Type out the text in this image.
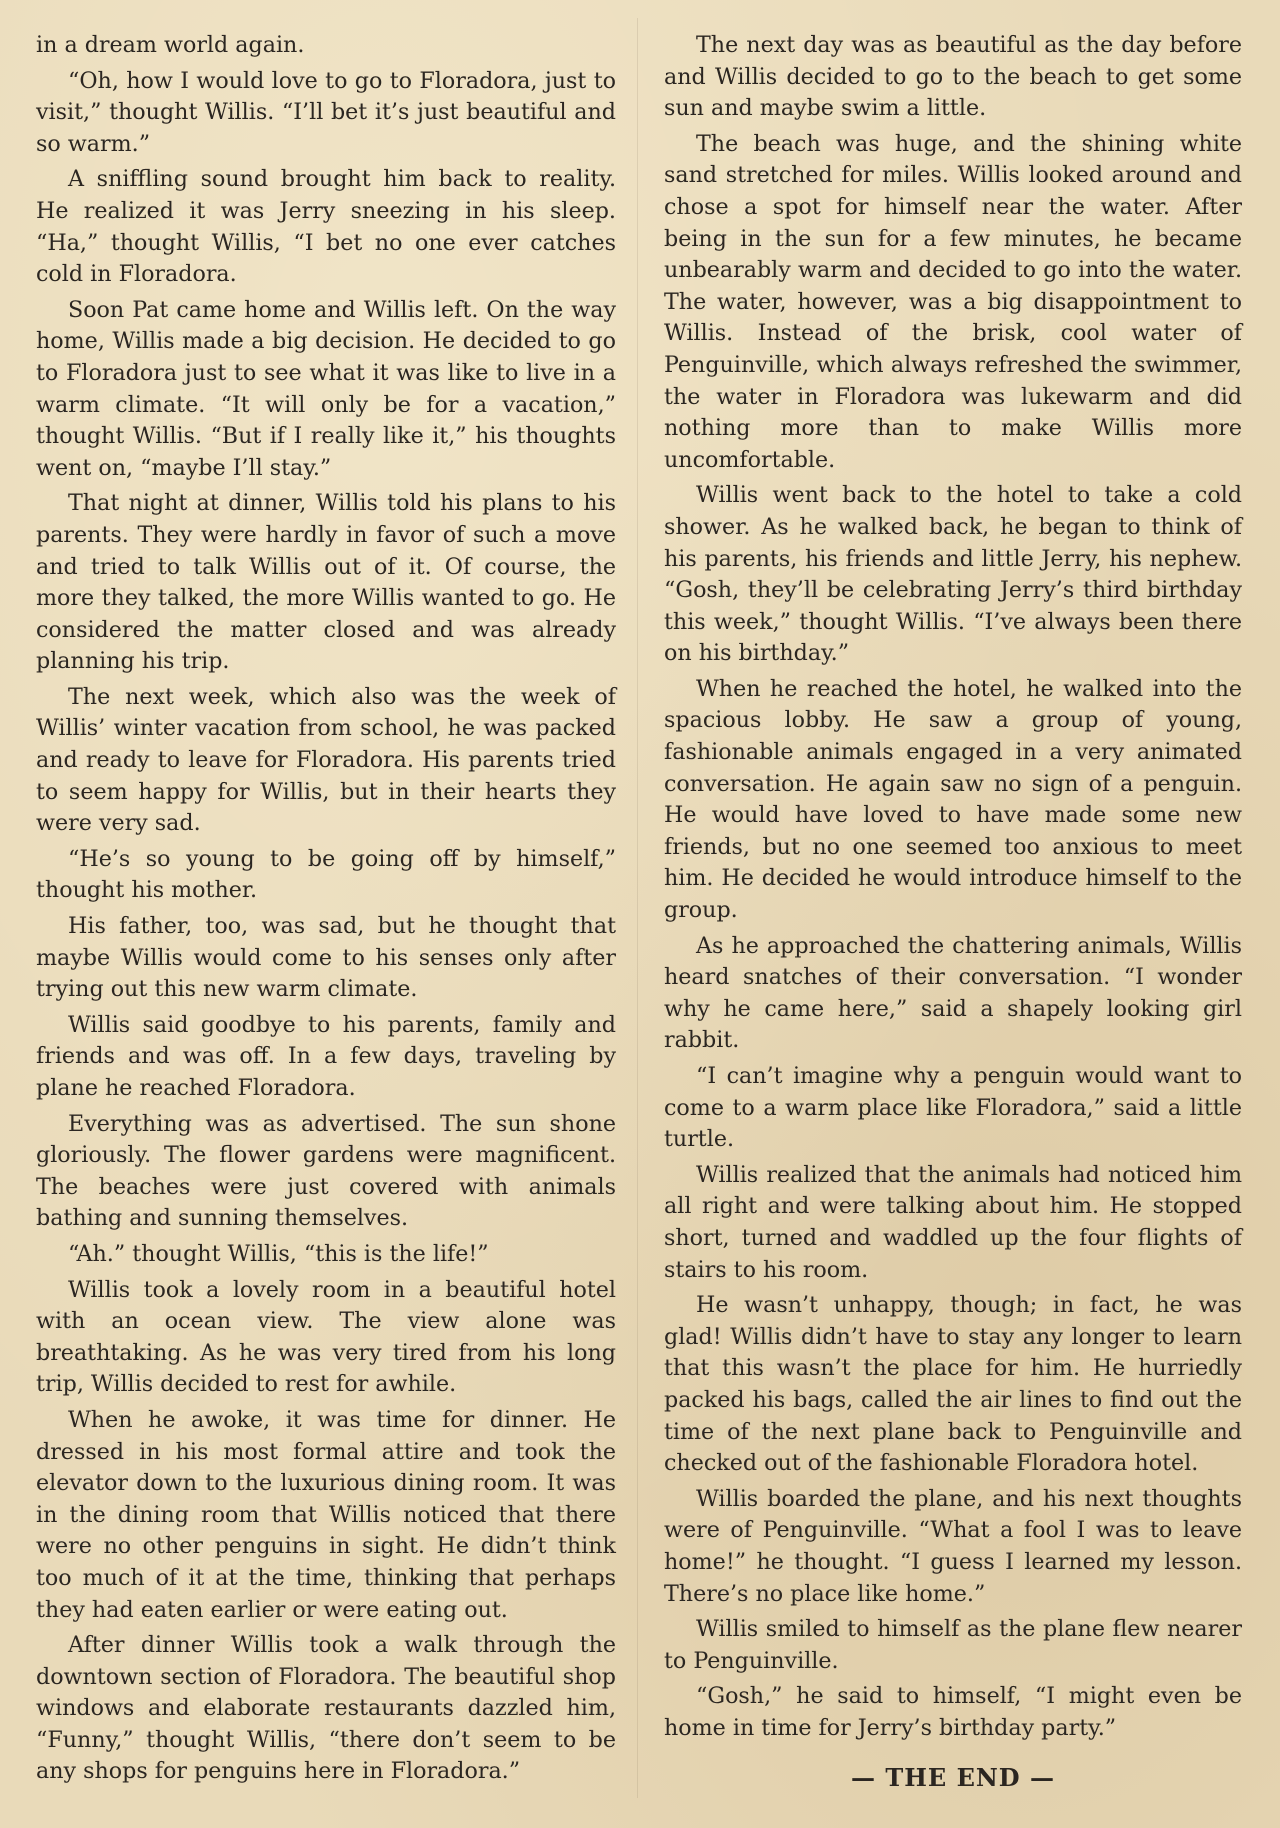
in a dream world again.

“Oh, how I would love to go to Floradora, just to visit,” thought Willis. “I’ll bet it’s just beautiful and so warm.”

A sniffling sound brought him back to reality. He realized it was Jerry sneezing in his sleep. “Ha,” thought Willis, “I bet no one ever catches cold in Floradora.

Soon Pat came home and Willis left. On the way home, Willis made a big decision. He decided to go to Floradora just to see what it was like to live in a warm climate. “It will only be for a vacation,” thought Willis. “But if I really like it,” his thoughts went on, “maybe I’ll stay.”

That night at dinner, Willis told his plans to his parents. They were hardly in favor of such a move and tried to talk Willis out of it. Of course, the more they talked, the more Willis wanted to go. He considered the matter closed and was already planning his trip.

The next week, which also was the week of Willis’ winter vacation from school, he was packed and ready to leave for Floradora. His parents tried to seem happy for Willis, but in their hearts they were very sad.

“He’s so young to be going off by himself,” thought his mother.

His father, too, was sad, but he thought that maybe Willis would come to his senses only after trying out this new warm climate.

Willis said goodbye to his parents, family and friends and was off. In a few days, traveling by plane he reached Floradora.

Everything was as advertised. The sun shone gloriously. The flower gardens were magnificent. The beaches were just covered with animals bathing and sunning themselves.

“Ah.” thought Willis, “this is the life!”

Willis took a lovely room in a beautiful hotel with an ocean view. The view alone was breathtaking. As he was very tired from his long trip, Willis decided to rest for awhile.

When he awoke, it was time for dinner. He dressed in his most formal attire and took the elevator down to the luxurious dining room. It was in the dining room that Willis noticed that there were no other penguins in sight. He didn’t think too much of it at the time, thinking that perhaps they had eaten earlier or were eating out.

After dinner Willis took a walk through the downtown section of Floradora. The beautiful shop windows and elaborate restaurants dazzled him, “Funny,” thought Willis, “there don’t seem to be any shops for penguins here in Floradora.”

The next day was as beautiful as the day before and Willis decided to go to the beach to get some sun and maybe swim a little.

The beach was huge, and the shining white sand stretched for miles. Willis looked around and chose a spot for himself near the water. After being in the sun for a few minutes, he became unbearably warm and decided to go into the water. The water, however, was a big disappointment to Willis. Instead of the brisk, cool water of Penguinville, which always refreshed the swimmer, the water in Floradora was lukewarm and did nothing more than to make Willis more uncomfortable.

Willis went back to the hotel to take a cold shower. As he walked back, he began to think of his parents, his friends and little Jerry, his nephew. “Gosh, they’ll be celebrating Jerry’s third birthday this week,” thought Willis. “I’ve always been there on his birthday.”

When he reached the hotel, he walked into the spacious lobby. He saw a group of young, fashionable animals engaged in a very animated conversation. He again saw no sign of a penguin. He would have loved to have made some new friends, but no one seemed too anxious to meet him. He decided he would introduce himself to the group.

As he approached the chattering animals, Willis heard snatches of their conversation. “I wonder why he came here,” said a shapely looking girl rabbit.

“I can’t imagine why a penguin would want to come to a warm place like Floradora,” said a little turtle.

Willis realized that the animals had noticed him all right and were talking about him. He stopped short, turned and waddled up the four flights of stairs to his room.

He wasn’t unhappy, though; in fact, he was glad! Willis didn’t have to stay any longer to learn that this wasn’t the place for him. He hurriedly packed his bags, called the air lines to find out the time of the next plane back to Penguinville and checked out of the fashionable Floradora hotel.

Willis boarded the plane, and his next thoughts were of Penguinville. “What a fool I was to leave home!” he thought. “I guess I learned my lesson. There’s no place like home.”

Willis smiled to himself as the plane flew nearer to Penguinville.

“Gosh,” he said to himself, “I might even be home in time for Jerry’s birthday party.”

— THE END —
